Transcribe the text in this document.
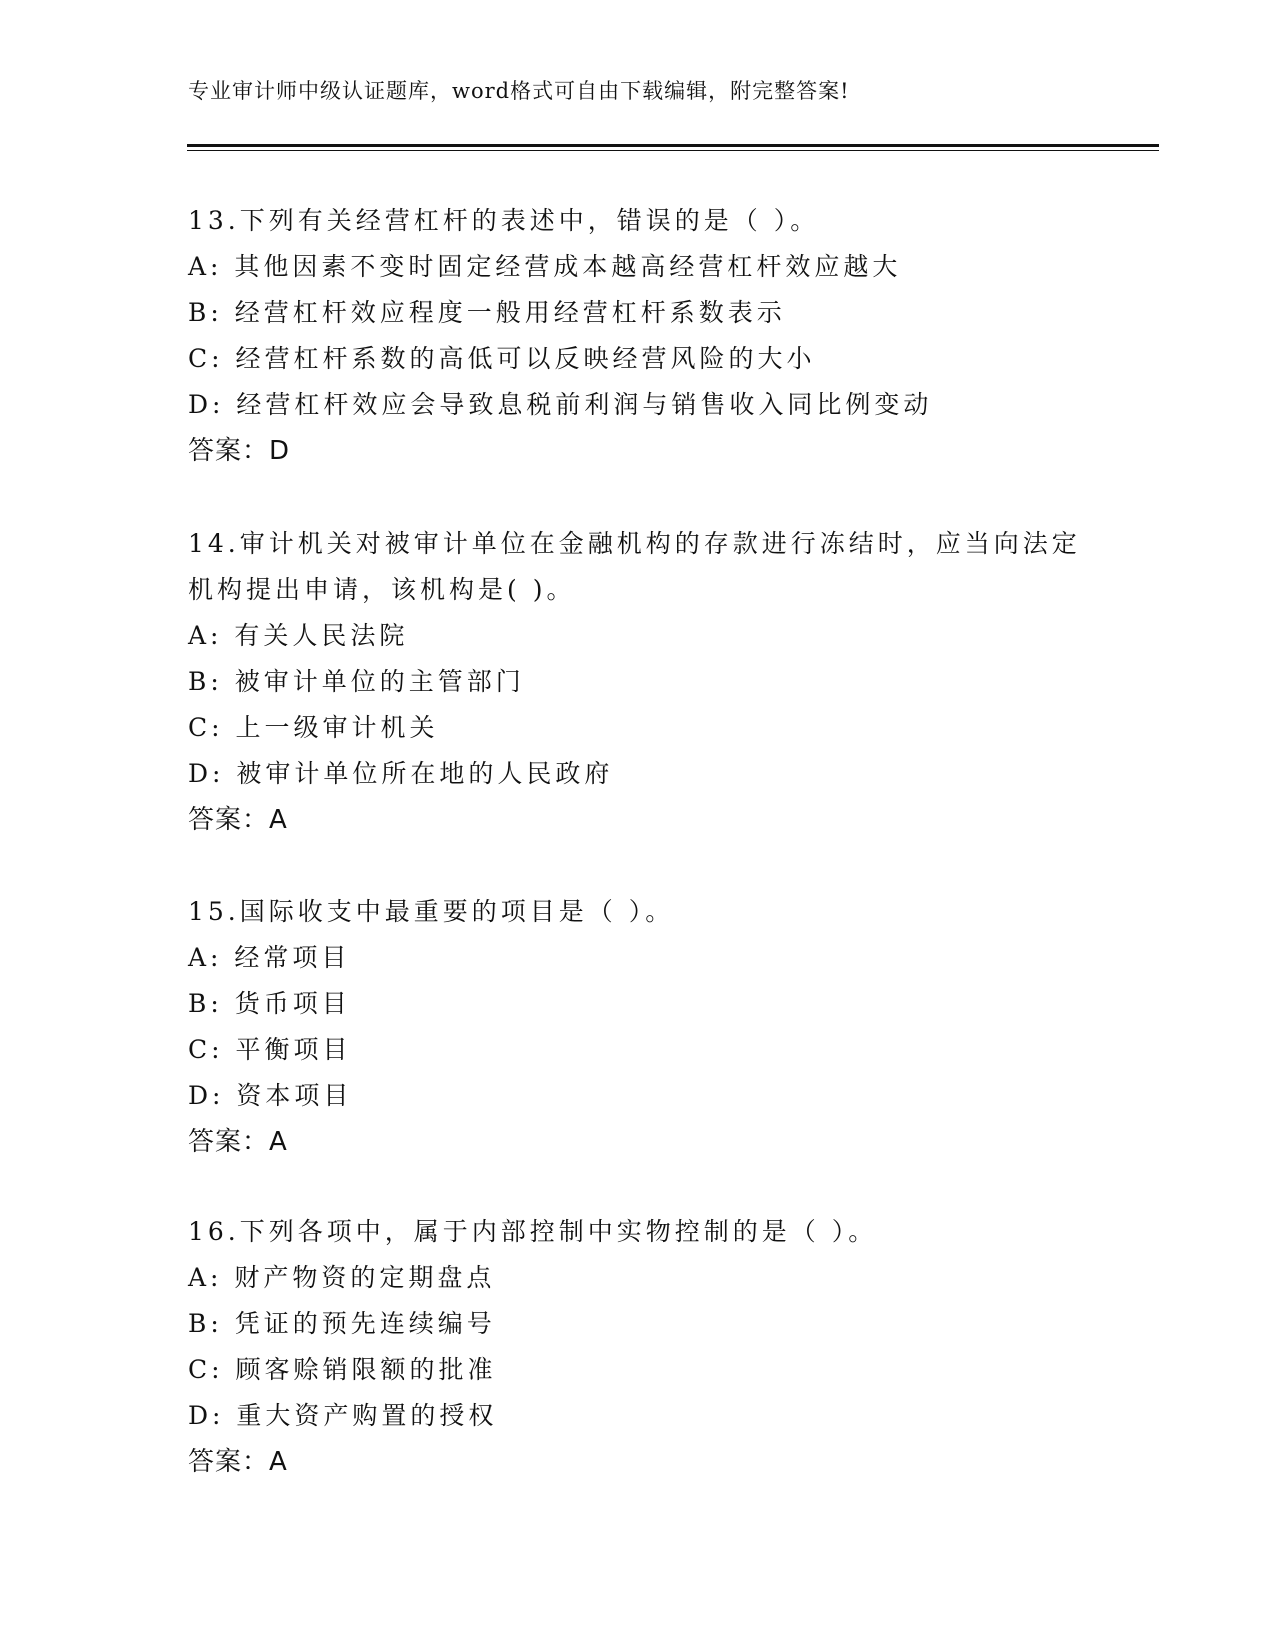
专业审计师中级认证题库，word格式可自由下载编辑，附完整答案!
13.下列有关经营杠杆的表述中，错误的是（ ）。
A: 其他因素不变时固定经营成本越高经营杠杆效应越大
B: 经营杠杆效应程度一般用经营杠杆系数表示
C: 经营杠杆系数的高低可以反映经营风险的大小
D: 经营杠杆效应会导致息税前利润与销售收入同比例变动
答案：D
14.审计机关对被审计单位在金融机构的存款进行冻结时，应当向法定
机构提出申请，该机构是( )。
A: 有关人民法院
B: 被审计单位的主管部门
C: 上一级审计机关
D: 被审计单位所在地的人民政府
答案：A
15.国际收支中最重要的项目是（ ）。
A: 经常项目
B: 货币项目
C: 平衡项目
D: 资本项目
答案：A
16.下列各项中，属于内部控制中实物控制的是（ ）。
A: 财产物资的定期盘点
B: 凭证的预先连续编号
C: 顾客赊销限额的批准
D: 重大资产购置的授权
答案：A
